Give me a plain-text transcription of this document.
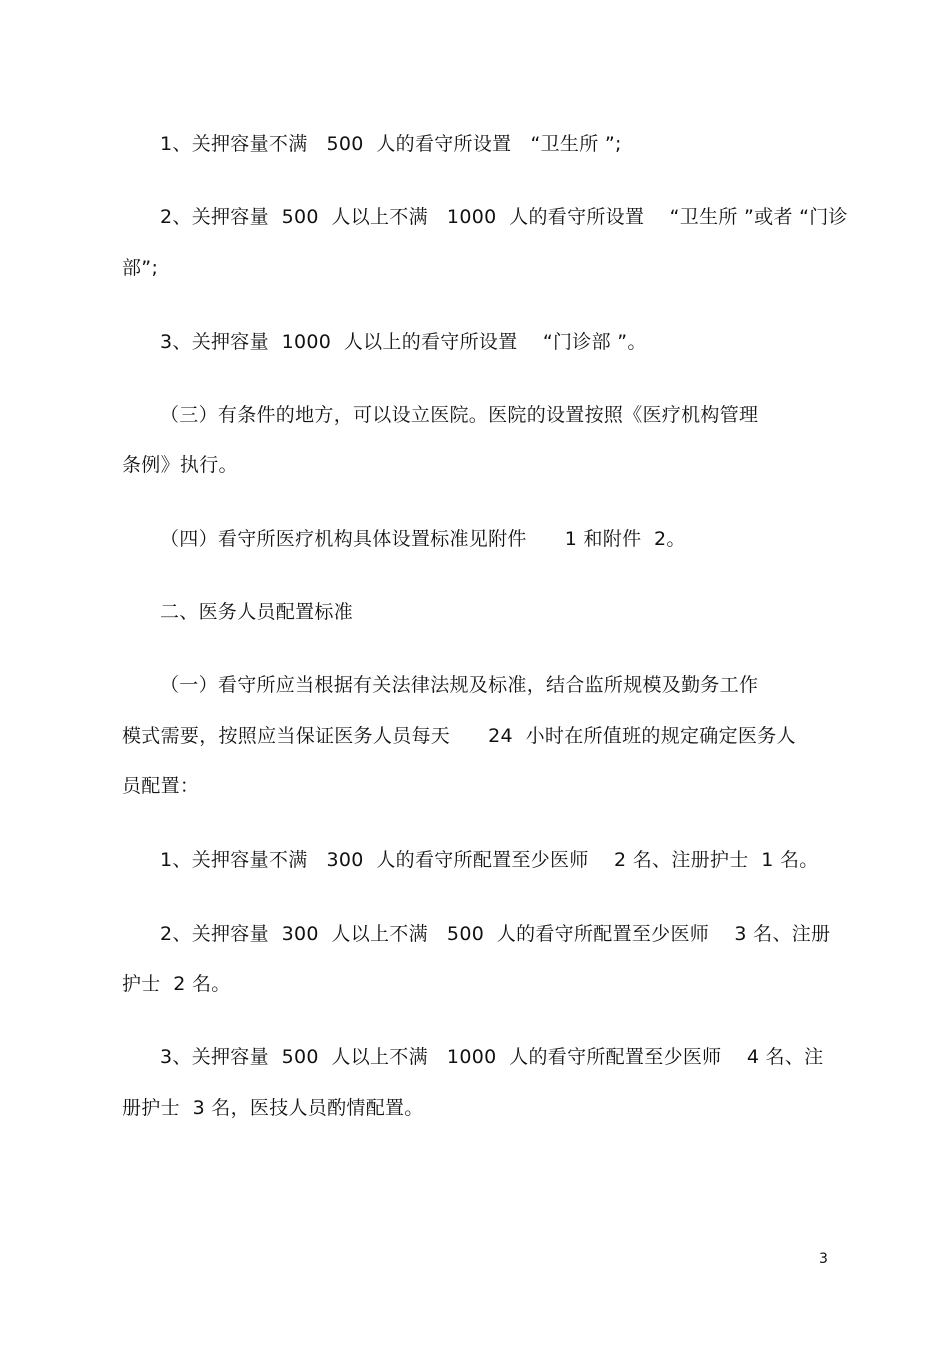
1、关押容量不满   500  人的看守所设置   “卫生所 ”;
2、关押容量  500  人以上不满   1000  人的看守所设置    “卫生所 ”或者 “门诊
部”;
3、关押容量  1000  人以上的看守所设置    “门诊部 ”。
（三）有条件的地方，可以设立医院。医院的设置按照《医疗机构管理
条例》执行。
（四）看守所医疗机构具体设置标准见附件      1 和附件  2。
二、医务人员配置标准
（一）看守所应当根据有关法律法规及标准，结合监所规模及勤务工作
模式需要，按照应当保证医务人员每天      24  小时在所值班的规定确定医务人
员配置：
1、关押容量不满   300  人的看守所配置至少医师    2 名、注册护士  1 名。
2、关押容量  300  人以上不满   500  人的看守所配置至少医师    3 名、注册
护士  2 名。
3、关押容量  500  人以上不满   1000  人的看守所配置至少医师    4 名、注
册护士  3 名，医技人员酌情配置。
3
